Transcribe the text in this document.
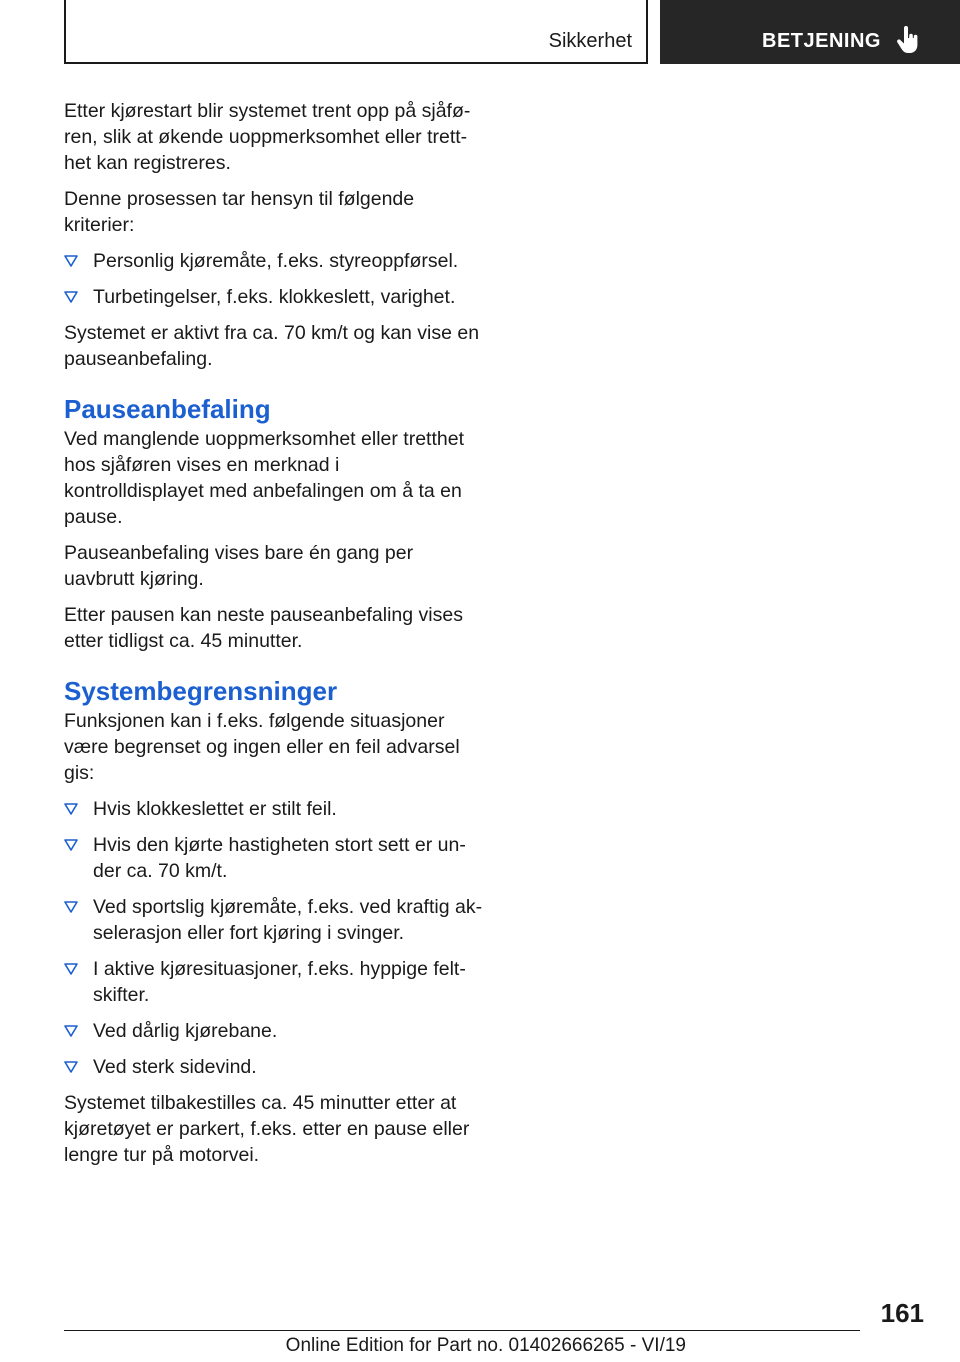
Sikkerhet	BETJENING

Etter kjørestart blir systemet trent opp på sjåfø-ren, slik at økende uoppmerksomhet eller trett-het kan registreres.

Denne prosessen tar hensyn til følgende kriterier:

Personlig kjøremåte, f.eks. styreoppførsel.
Turbetingelser, f.eks. klokkeslett, varighet.

Systemet er aktivt fra ca. 70 km/t og kan vise en pauseanbefaling.

Pauseanbefaling

Ved manglende uoppmerksomhet eller tretthet hos sjåføren vises en merknad i kontrolldisplayet med anbefalingen om å ta en pause.

Pauseanbefaling vises bare én gang per uavbrutt kjøring.

Etter pausen kan neste pauseanbefaling vises etter tidligst ca. 45 minutter.

Systembegrensninger

Funksjonen kan i f.eks. følgende situasjoner være begrenset og ingen eller en feil advarsel gis:

Hvis klokkeslettet er stilt feil.
Hvis den kjørte hastigheten stort sett er un-der ca. 70 km/t.
Ved sportslig kjøremåte, f.eks. ved kraftig ak-selerasjon eller fort kjøring i svinger.
I aktive kjøresituasjoner, f.eks. hyppige felt-skifter.
Ved dårlig kjørebane.
Ved sterk sidevind.

Systemet tilbakestilles ca. 45 minutter etter at kjøretøyet er parkert, f.eks. etter en pause eller lengre tur på motorvei.

161
Online Edition for Part no. 01402666265 - VI/19
